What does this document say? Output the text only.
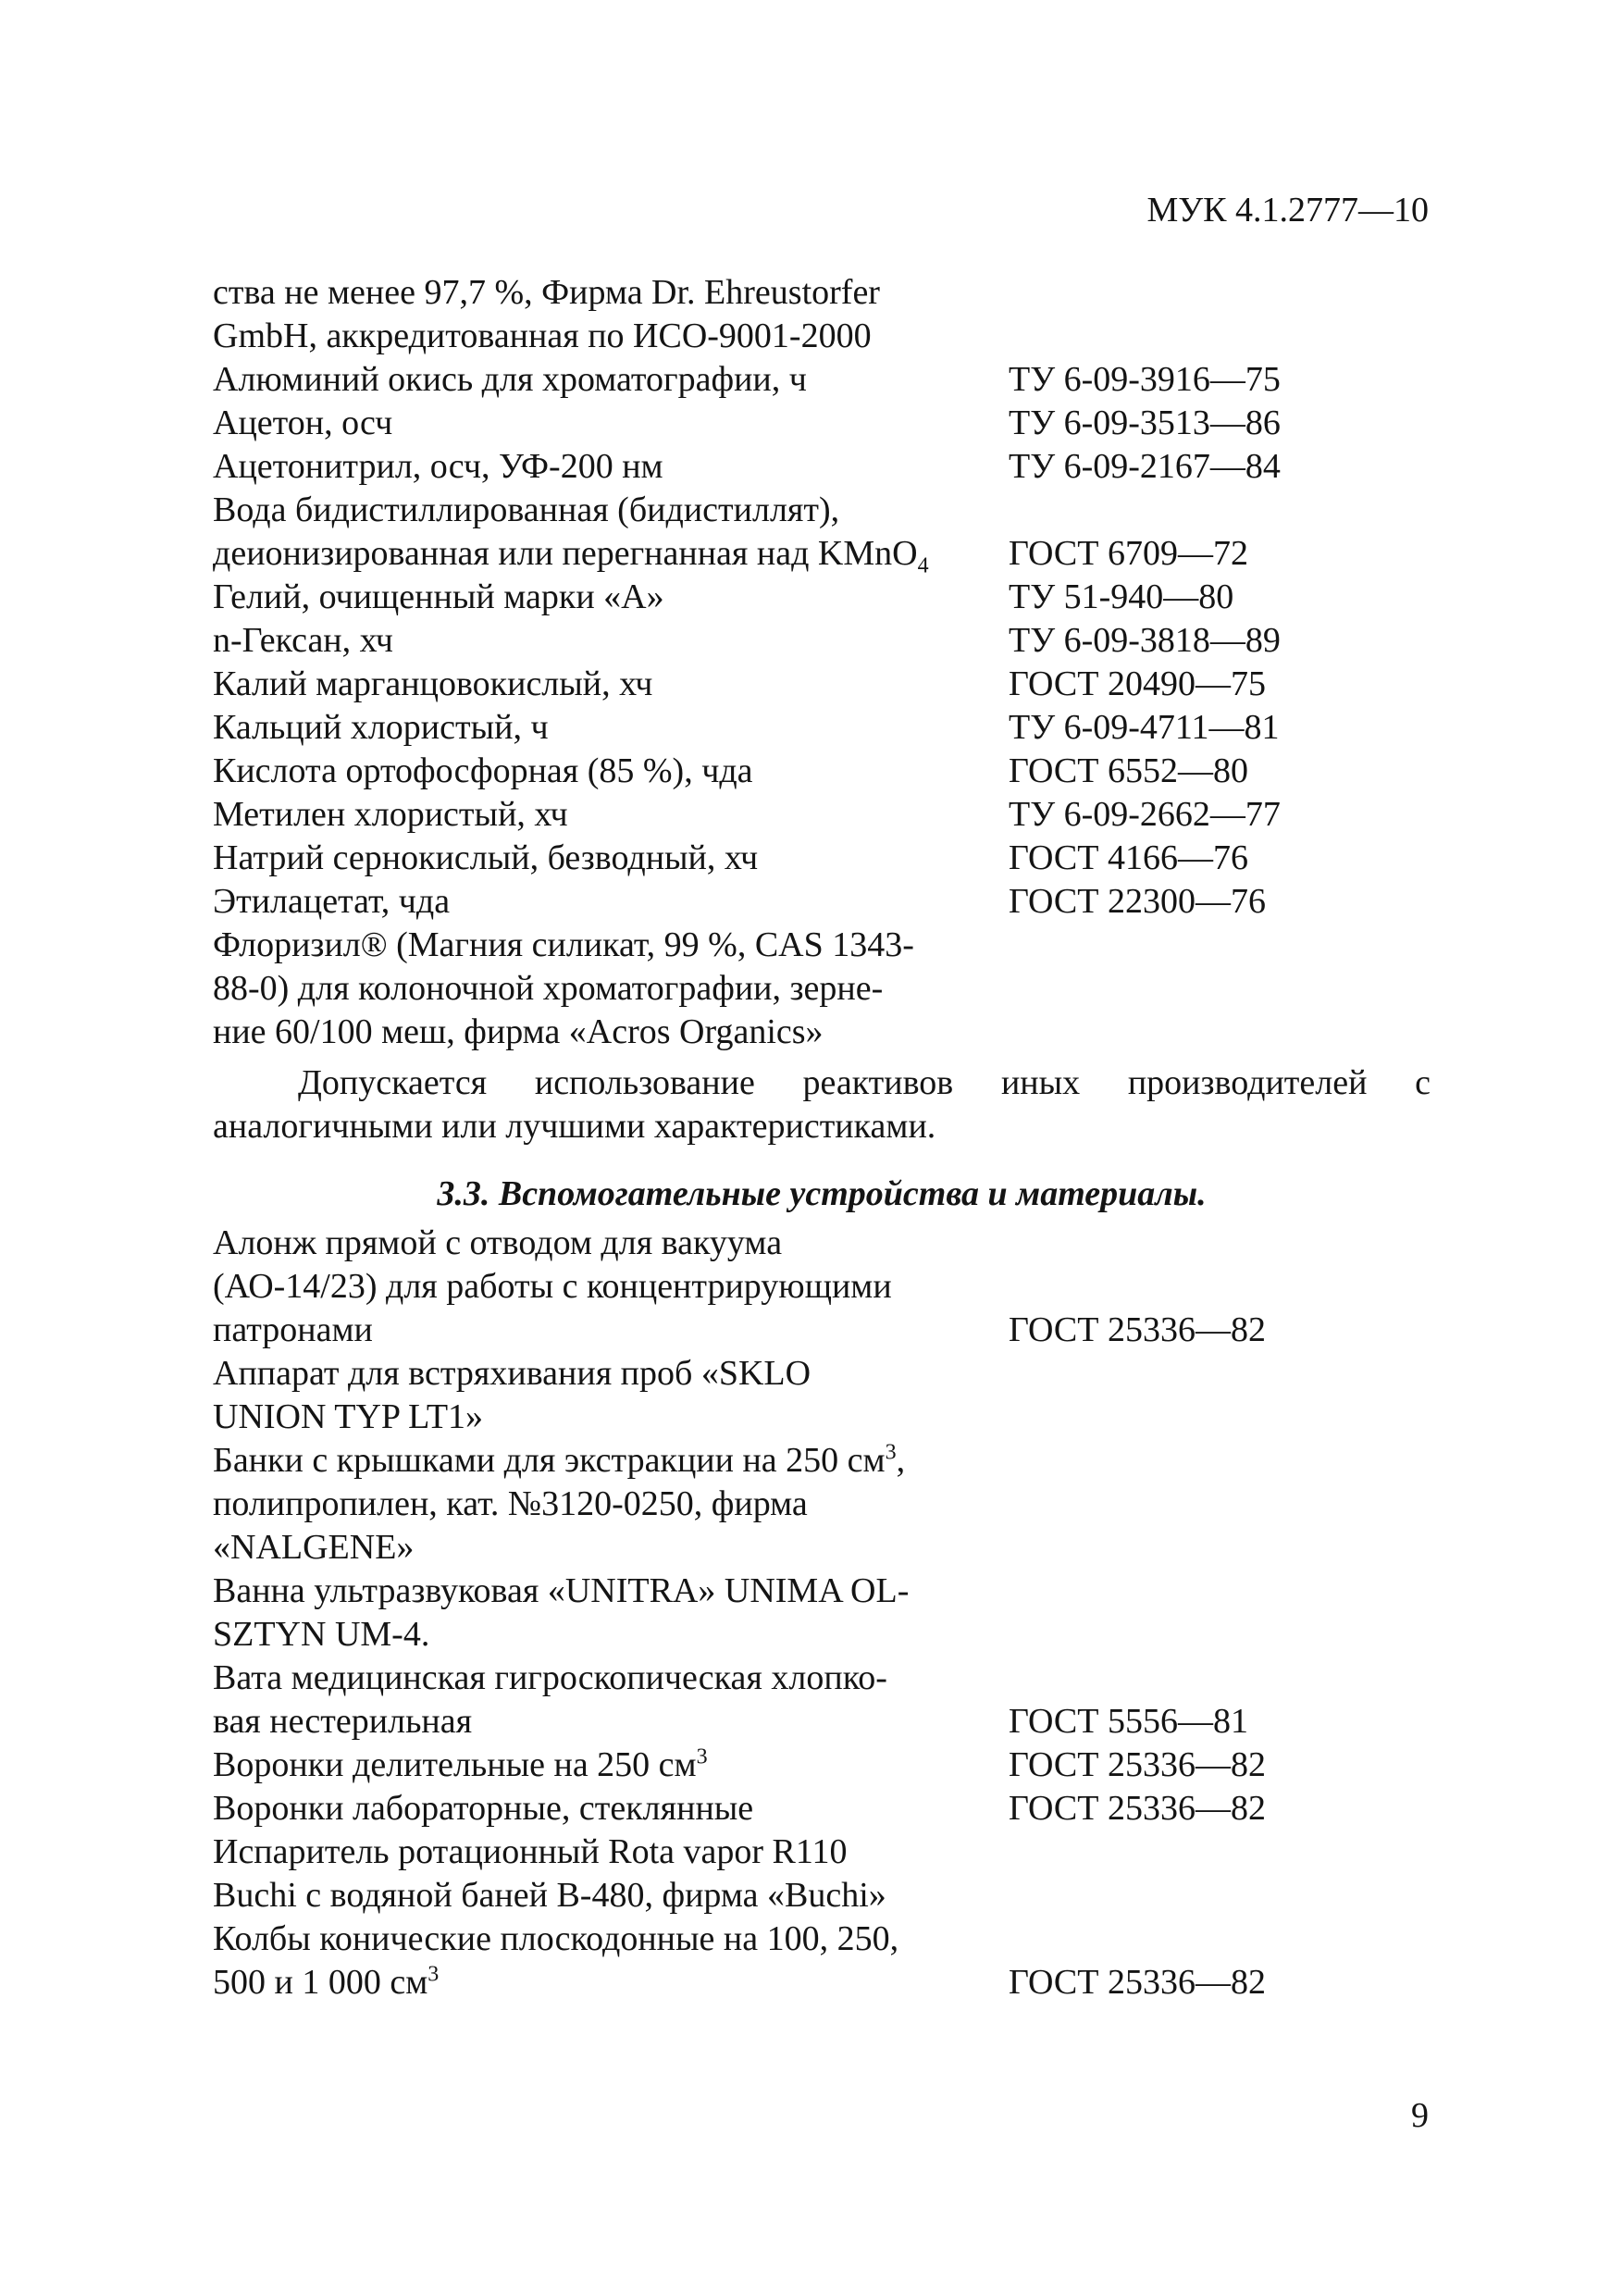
МУК 4.1.2777—10
ства не менее 97,7 %, Фирма Dr. Ehreustorfer
GmbH, аккредитованная по ИСО-9001-2000
Алюминий окись для хроматографии, ч	ТУ 6-09-3916—75
Ацетон, осч	ТУ 6-09-3513—86
Ацетонитрил, осч, УФ-200 нм	ТУ 6-09-2167—84
Вода бидистиллированная (бидистиллят),
деионизированная или перегнанная над KMnO$_4$ ГОСТ 6709—72
Гелий, очищенный марки «А»	ТУ 51-940—80
n-Гексан, хч	ТУ 6-09-3818—89
Калий марганцовокислый, хч	ГОСТ 20490—75
Кальций хлористый, ч	ТУ 6-09-4711—81
Кислота ортофосфорная (85 %), чда	ГОСТ 6552—80
Метилен хлористый, хч	ТУ 6-09-2662—77
Натрий сернокислый, безводный, хч	ГОСТ 4166—76
Этилацетат, чда	ГОСТ 22300—76
Флоризил® (Магния силикат, 99 %, CAS 1343-
88-0) для колоночной хроматографии, зерне-
ние 60/100 меш, фирма «Acros Organics»
Допускается использование реактивов иных производителей с аналогичными или лучшими характеристиками.
3.3. Вспомогательные устройства и материалы.
Алонж прямой с отводом для вакуума
(АО-14/23) для работы с концентрирующими
патронами	ГОСТ 25336—82
Аппарат для встряхивания проб «SKLO
UNION TYP LT1»
Банки с крышками для экстракции на 250 $см^3$,
полипропилен, кат. №3120-0250, фирма
«NALGENE»
Ванна ультразвуковая «UNITRA» UNIMA OL-
SZTYN UM-4.
Вата медицинская гигроскопическая хлопко-
вая нестерильная	ГОСТ 5556—81
Воронки делительные на 250 $см^3$	ГОСТ 25336—82
Воронки лабораторные, стеклянные	ГОСТ 25336—82
Испаритель ротационный Rota vapor R110
Buchi с водяной баней B-480, фирма «Buchi»
Колбы конические плоскодонные на 100, 250,
500 и 1 000 $см^3$	ГОСТ 25336—82
9
